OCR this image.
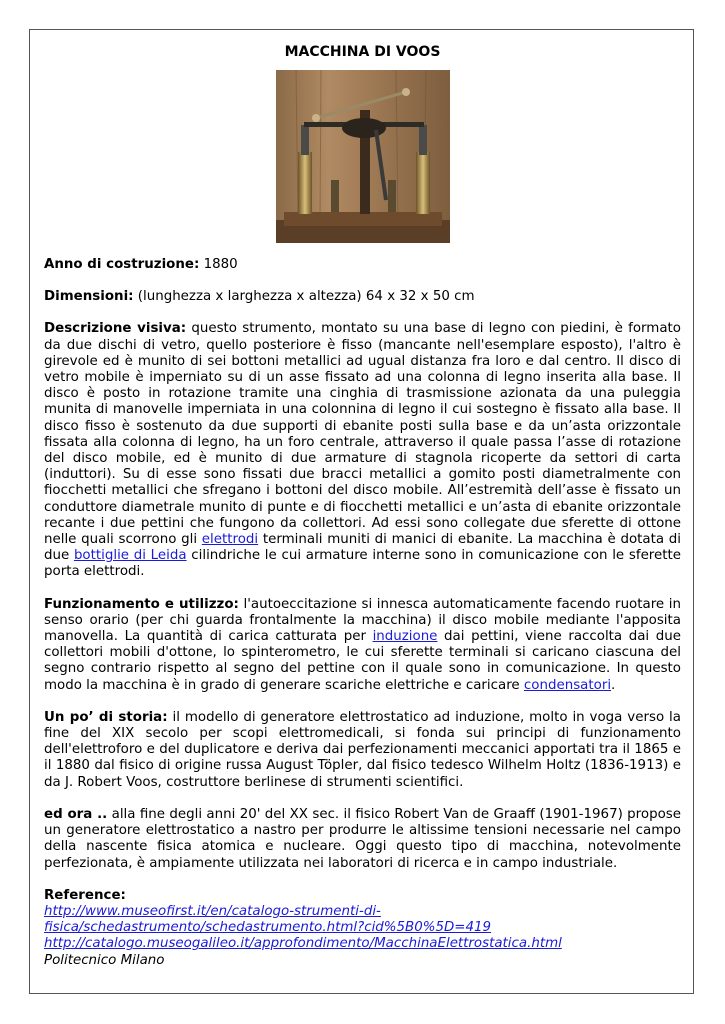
MACCHINA DI VOOS

Anno di costruzione: 1880

Dimensioni: (lunghezza x larghezza x altezza) 64 x 32 x 50 cm

Descrizione visiva: questo strumento, montato su una base di legno con piedini, è formato da due dischi di vetro, quello posteriore è fisso (mancante nell'esemplare esposto), l'altro è girevole ed è munito di sei bottoni metallici ad ugual distanza fra loro e dal centro. Il disco di vetro mobile è imperniato su di un asse fissato ad una colonna di legno inserita alla base. Il disco è posto in rotazione tramite una cinghia di trasmissione azionata da una puleggia munita di manovelle imperniata in una colonnina di legno il cui sostegno è fissato alla base. Il disco fisso è sostenuto da due supporti di ebanite posti sulla base e da un’asta orizzontale fissata alla colonna di legno, ha un foro centrale, attraverso il quale passa l’asse di rotazione del disco mobile, ed è munito di due armature di stagnola ricoperte da settori di carta (induttori). Su di esse sono fissati due bracci metallici a gomito posti diametralmente con fiocchetti metallici che sfregano i bottoni del disco mobile. All’estremità dell’asse è fissato un conduttore diametrale munito di punte e di fiocchetti metallici e un’asta di ebanite orizzontale recante i due pettini che fungono da collettori. Ad essi sono collegate due sferette di ottone nelle quali scorrono gli elettrodi terminali muniti di manici di ebanite. La macchina è dotata di due bottiglie di Leida cilindriche le cui armature interne sono in comunicazione con le sferette porta elettrodi.

Funzionamento e utilizzo: l'autoeccitazione si innesca automaticamente facendo ruotare in senso orario (per chi guarda frontalmente la macchina) il disco mobile mediante l'apposita manovella. La quantità di carica catturata per induzione dai pettini, viene raccolta dai due collettori mobili d'ottone, lo spinterometro, le cui sferette terminali si caricano ciascuna del segno contrario rispetto al segno del pettine con il quale sono in comunicazione. In questo modo la macchina è in grado di generare scariche elettriche e caricare condensatori.

Un po’ di storia: il modello di generatore elettrostatico ad induzione, molto in voga verso la fine del XIX secolo per scopi elettromedicali, si fonda sui principi di funzionamento dell'elettroforo e del duplicatore e deriva dai perfezionamenti meccanici apportati tra il 1865 e il 1880 dal fisico di origine russa August Töpler, dal fisico tedesco Wilhelm Holtz (1836-1913) e da J. Robert Voos, costruttore berlinese di strumenti scientifici.

ed ora .. alla fine degli anni 20' del XX sec. il fisico Robert Van de Graaff (1901-1967) propose un generatore elettrostatico a nastro per produrre le altissime tensioni necessarie nel campo della nascente fisica atomica e nucleare. Oggi questo tipo di macchina, notevolmente perfezionata, è ampiamente utilizzata nei laboratori di ricerca e in campo industriale.

Reference:
http://www.museofirst.it/en/catalogo-strumenti-di-
fisica/schedastrumento/schedastrumento.html?cid%5B0%5D=419
http://catalogo.museogalileo.it/approfondimento/MacchinaElettrostatica.html
Politecnico Milano
